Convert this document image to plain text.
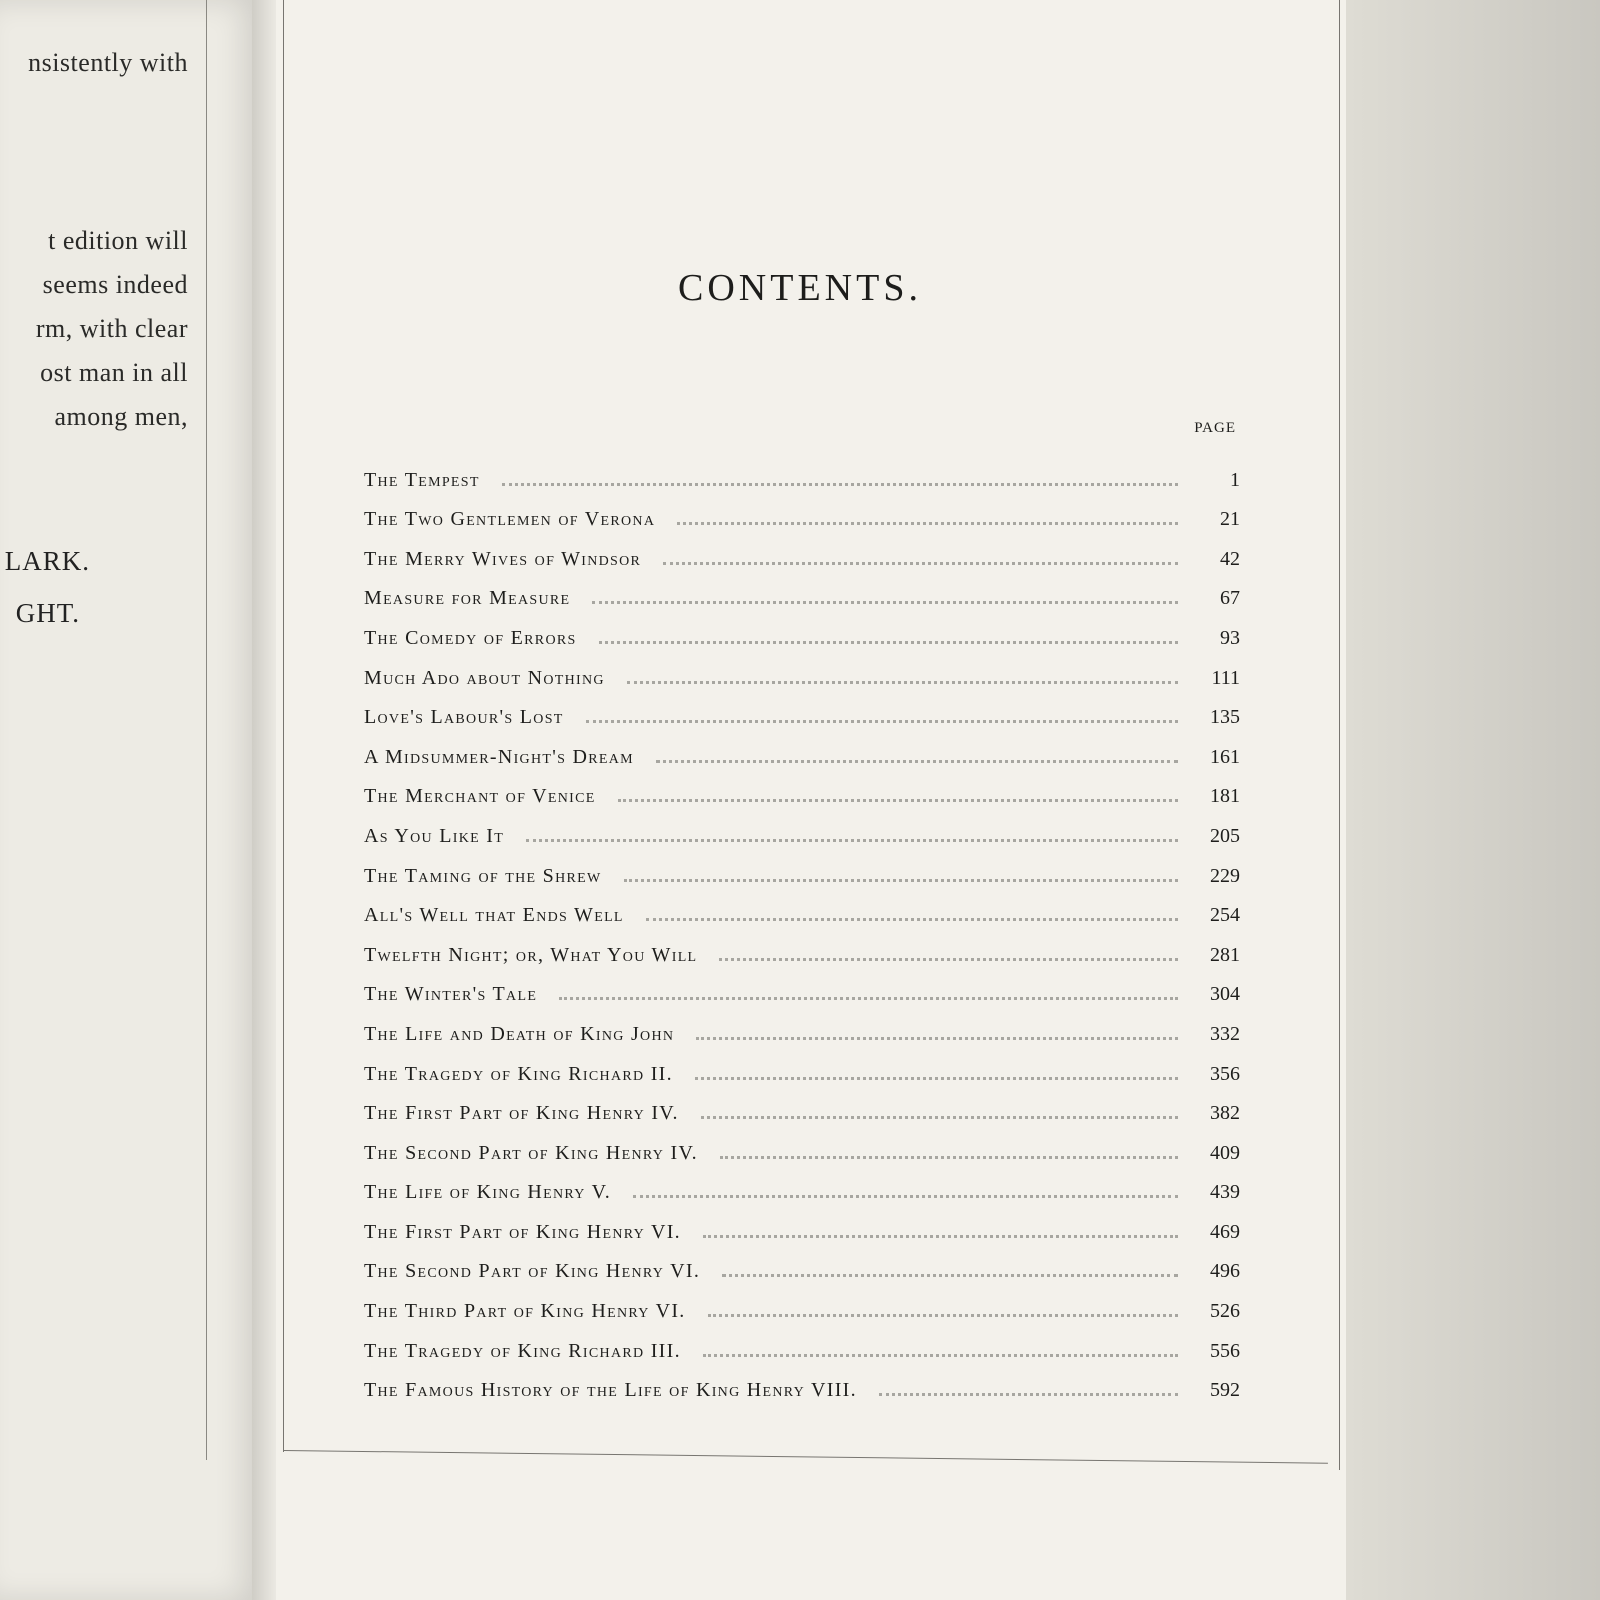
nsistently with
t edition will
seems indeed
rm, with clear
ost man in all
among men,
LARK.
GHT.
CONTENTS.
PAGE
The Tempest	1
The Two Gentlemen of Verona	21
The Merry Wives of Windsor	42
Measure for Measure	67
The Comedy of Errors	93
Much Ado about Nothing	111
Love's Labour's Lost	135
A Midsummer-Night's Dream	161
The Merchant of Venice	181
As You Like It	205
The Taming of the Shrew	229
All's Well that Ends Well	254
Twelfth Night; or, What You Will	281
The Winter's Tale	304
The Life and Death of King John	332
The Tragedy of King Richard II.	356
The First Part of King Henry IV.	382
The Second Part of King Henry IV.	409
The Life of King Henry V.	439
The First Part of King Henry VI.	469
The Second Part of King Henry VI.	496
The Third Part of King Henry VI.	526
The Tragedy of King Richard III.	556
The Famous History of the Life of King Henry VIII.	592
